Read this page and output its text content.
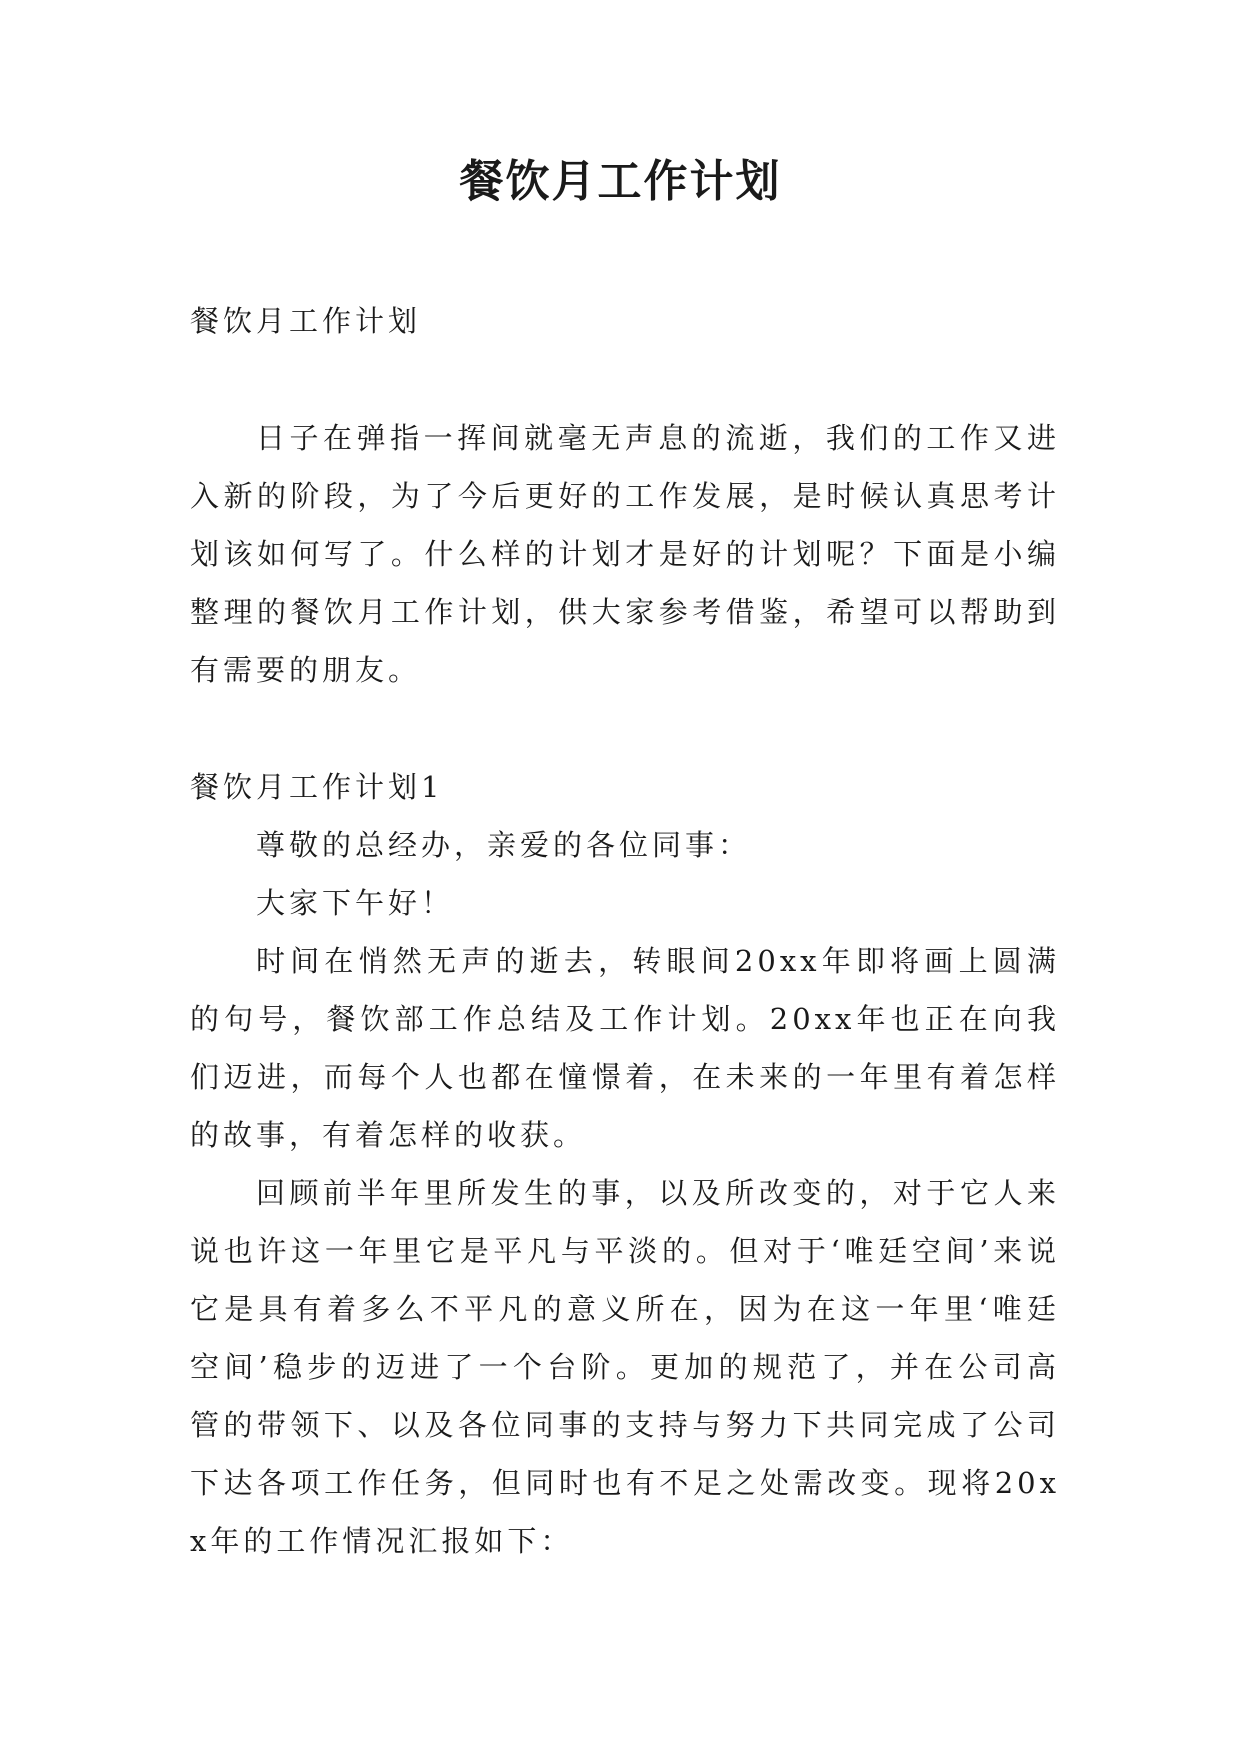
餐饮月工作计划

餐饮月工作计划

日子在弹指一挥间就毫无声息的流逝，我们的工作又进入新的阶段，为了今后更好的工作发展，是时候认真思考计划该如何写了。什么样的计划才是好的计划呢？下面是小编整理的餐饮月工作计划，供大家参考借鉴，希望可以帮助到有需要的朋友。

餐饮月工作计划1

尊敬的总经办，亲爱的各位同事：

大家下午好！

时间在悄然无声的逝去，转眼间20xx年即将画上圆满的句号，餐饮部工作总结及工作计划。20xx年也正在向我们迈进，而每个人也都在憧憬着，在未来的一年里有着怎样的故事，有着怎样的收获。

回顾前半年里所发生的事，以及所改变的，对于它人来说也许这一年里它是平凡与平淡的。但对于‘唯廷空间’来说它是具有着多么不平凡的意义所在，因为在这一年里‘唯廷空间’稳步的迈进了一个台阶。更加的规范了，并在公司高管的带领下、以及各位同事的支持与努力下共同完成了公司下达各项工作任务，但同时也有不足之处需改变。现将20xx年的工作情况汇报如下：
